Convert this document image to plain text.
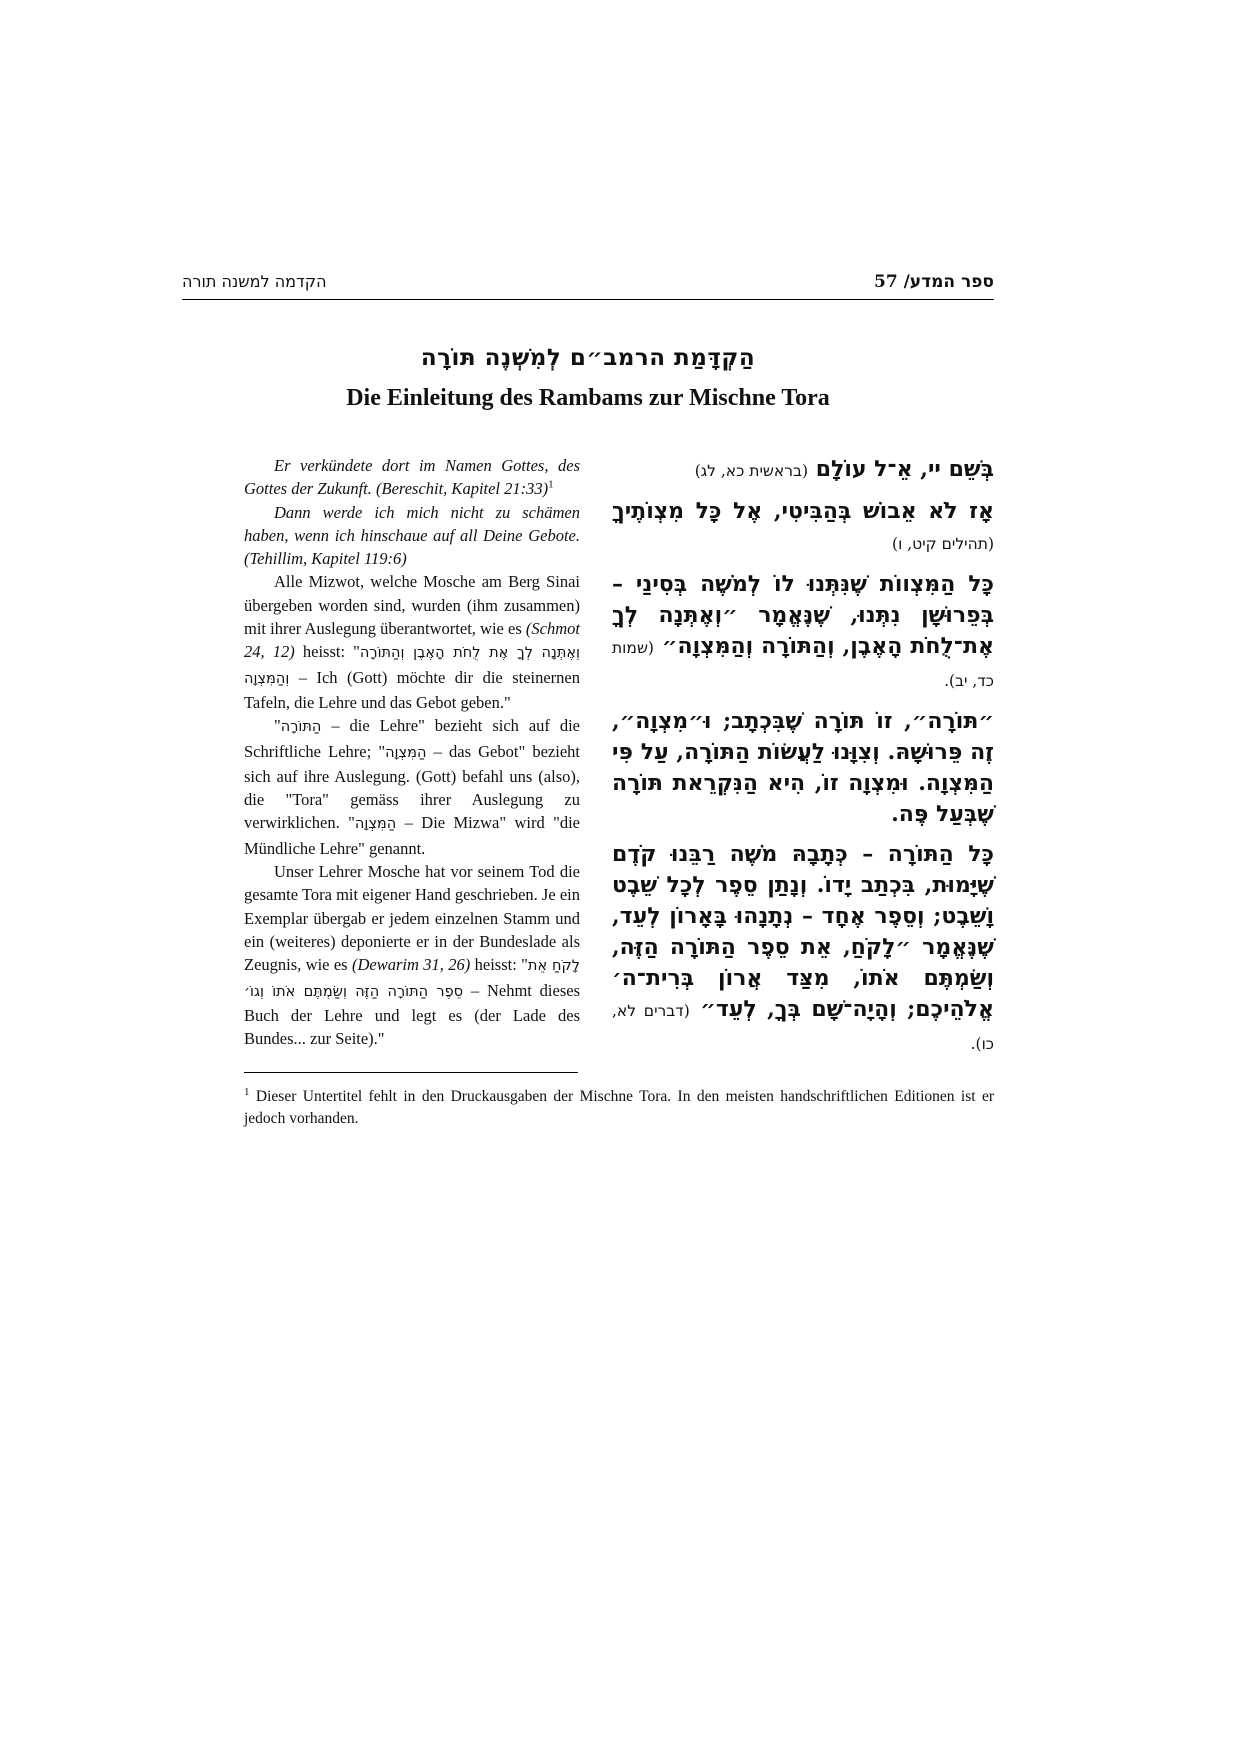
הקדמה למשנה תורה	ספר המדע/ 57
הַקְדָּמַת הרמב״ם לְמִשְׁנֶה תּוֹרָה
Die Einleitung des Rambams zur Mischne Tora

Er verkündete dort im Namen Gottes, des Gottes der Zukunft. (Bereschit, Kapitel 21:33)$^1$

Dann werde ich mich nicht zu schämen haben, wenn ich hinschaue auf all Deine Gebote. (Tehillim, Kapitel 119:6)

Alle Mizwot, welche Mosche am Berg Sinai übergeben worden sind, wurden (ihm zusammen) mit ihrer Auslegung überantwortet, wie es (Schmot 24, 12) heisst: "וְאֶתְּנָה לְךָ אֶת לֻחֹת הָאֶבֶן וְהַתּוֹרָה וְהַמִּצְוָה – Ich (Gott) möchte dir die steinernen Tafeln, die Lehre und das Gebot geben."

"הַתּוֹרָה – die Lehre" bezieht sich auf die Schriftliche Lehre; "הַמִּצְוָה – das Gebot" bezieht sich auf ihre Auslegung. (Gott) befahl uns (also), die "Tora" gemäss ihrer Auslegung zu verwirklichen. "הַמִּצְוָה – Die Mizwa" wird "die Mündliche Lehre" genannt.

Unser Lehrer Mosche hat vor seinem Tod die gesamte Tora mit eigener Hand geschrieben. Je ein Exemplar übergab er jedem einzelnen Stamm und ein (weiteres) deponierte er in der Bundeslade als Zeugnis, wie es (Dewarim 31, 26) heisst: "לָקֹחַ אֵת סֵפֶר הַתּוֹרָה הַזֶּה וְשַׂמְתֶּם אֹתוֹ וְגוֹ׳ – Nehmt dieses Buch der Lehre und legt es (der Lade des Bundes... zur Seite)."

בְּשֵׁם יי, אֵ־ל עוֹלָם (בראשית כא, לג)

אָז לֹא אֵבוֹשׁ בְּהַבִּיטִי, אֶל כָּל מִצְוֹתֶיךָ (תהילים קיט, ו)

כָּל הַמִּצְווֹת שֶׁנִּתְּנוּ לוֹ לְמֹשֶׁה בְּסִינַי – בְּפֵרוּשָׁן נִתְּנוּ, שֶׁנֶּאֱמָר ״וְאֶתְּנָה לְךָ אֶת־לֻחֹת הָאֶבֶן, וְהַתּוֹרָה וְהַמִּצְוָה״ (שמות כד, יב).

״תּוֹרָה״, זוֹ תּוֹרָה שֶׁבִּכְתָב; וּ״מִצְוָה״, זֶה פֵּרוּשָׁהּ. וְצִוָּנוּ לַעֲשׂוֹת הַתּוֹרָה, עַל פִּי הַמִּצְוָה. וּמִצְוָה זוֹ, הִיא הַנִּקְרֵאת תּוֹרָה שֶׁבְּעַל פֶּה.

כָּל הַתּוֹרָה – כְּתָבָהּ מֹשֶׁה רַבֵּנוּ קֹדֶם שֶׁיָּמוּת, בִּכְתַב יָדוֹ. וְנָתַן סֵפֶר לְכָל שֵׁבֶט וָשֵׁבֶט; וְסֵפֶר אֶחָד – נְתָנָהוּ בָּאָרוֹן לְעֵד, שֶׁנֶּאֱמָר ״לָקֹחַ, אֵת סֵפֶר הַתּוֹרָה הַזֶּה, וְשַׂמְתֶּם אֹתוֹ, מִצַּד אֲרוֹן בְּרִית־ה׳ אֱלֹהֵיכֶם; וְהָיָה־שָׁם בְּךָ, לְעֵד״ (דברים לא, כו).

$^1$ Dieser Untertitel fehlt in den Druckausgaben der Mischne Tora. In den meisten handschriftlichen Editionen ist er jedoch vorhanden.
